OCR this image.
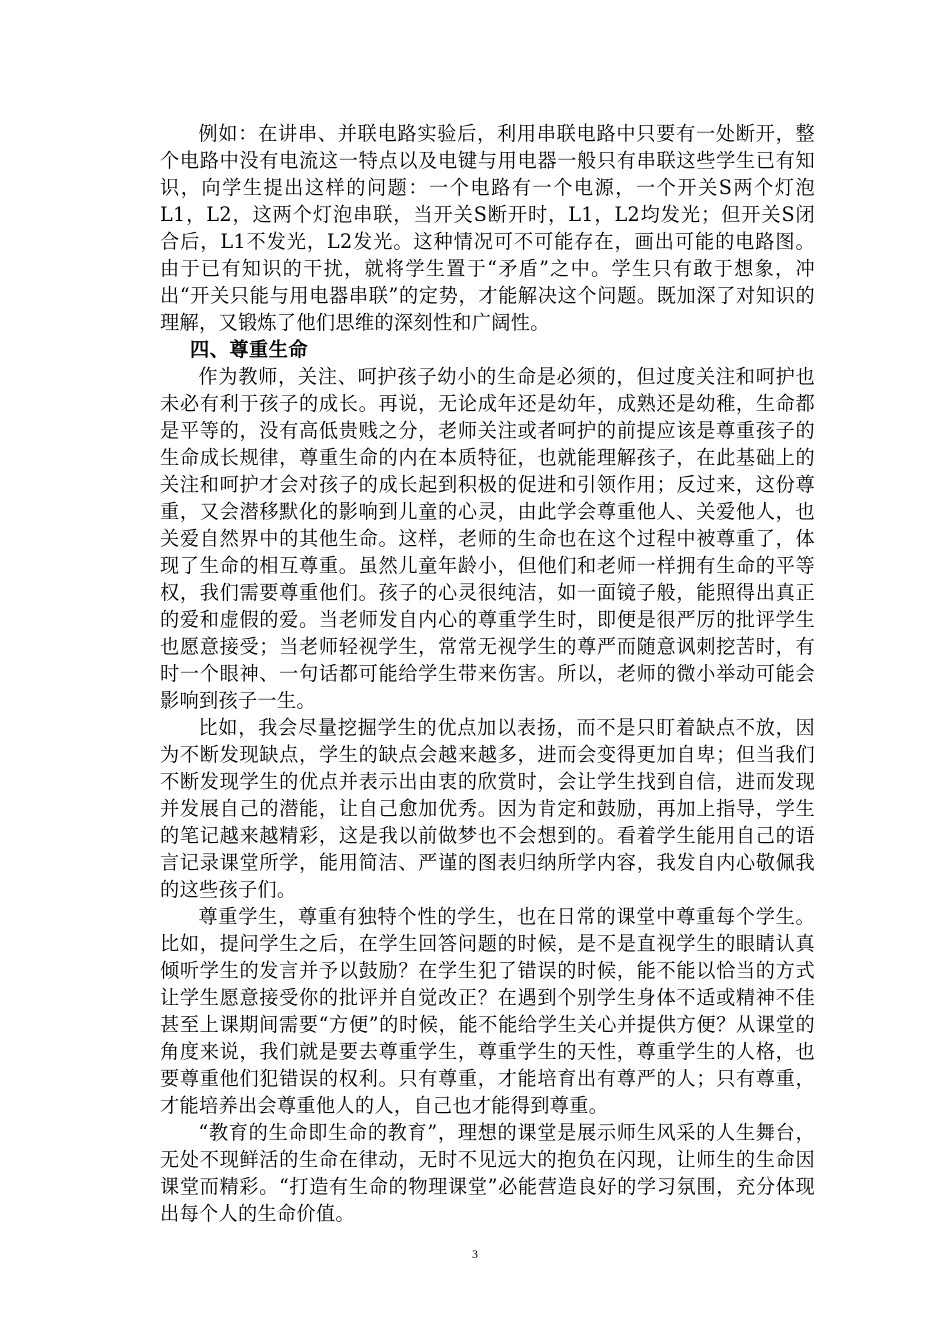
例如：在讲串、并联电路实验后，利用串联电路中只要有一处断开，整个电路中没有电流这一特点以及电键与用电器一般只有串联这些学生已有知识，向学生提出这样的问题：一个电路有一个电源，一个开关S两个灯泡L1，L2，这两个灯泡串联，当开关S断开时，L1，L2均发光；但开关S闭合后，L1不发光，L2发光。这种情况可不可能存在，画出可能的电路图。由于已有知识的干扰，就将学生置于“矛盾”之中。学生只有敢于想象，冲出“开关只能与用电器串联”的定势，才能解决这个问题。既加深了对知识的理解，又锻炼了他们思维的深刻性和广阔性。

四、尊重生命

作为教师，关注、呵护孩子幼小的生命是必须的，但过度关注和呵护也未必有利于孩子的成长。再说，无论成年还是幼年，成熟还是幼稚，生命都是平等的，没有高低贵贱之分，老师关注或者呵护的前提应该是尊重孩子的生命成长规律，尊重生命的内在本质特征，也就能理解孩子，在此基础上的关注和呵护才会对孩子的成长起到积极的促进和引领作用；反过来，这份尊重，又会潜移默化的影响到儿童的心灵，由此学会尊重他人、关爱他人，也关爱自然界中的其他生命。这样，老师的生命也在这个过程中被尊重了，体现了生命的相互尊重。虽然儿童年龄小，但他们和老师一样拥有生命的平等权，我们需要尊重他们。孩子的心灵很纯洁，如一面镜子般，能照得出真正的爱和虚假的爱。当老师发自内心的尊重学生时，即便是很严厉的批评学生也愿意接受；当老师轻视学生，常常无视学生的尊严而随意讽刺挖苦时，有时一个眼神、一句话都可能给学生带来伤害。所以，老师的微小举动可能会影响到孩子一生。

比如，我会尽量挖掘学生的优点加以表扬，而不是只盯着缺点不放，因为不断发现缺点，学生的缺点会越来越多，进而会变得更加自卑；但当我们不断发现学生的优点并表示出由衷的欣赏时，会让学生找到自信，进而发现并发展自己的潜能，让自己愈加优秀。因为肯定和鼓励，再加上指导，学生的笔记越来越精彩，这是我以前做梦也不会想到的。看着学生能用自己的语言记录课堂所学，能用简洁、严谨的图表归纳所学内容，我发自内心敬佩我的这些孩子们。

尊重学生，尊重有独特个性的学生，也在日常的课堂中尊重每个学生。比如，提问学生之后，在学生回答问题的时候，是不是直视学生的眼睛认真倾听学生的发言并予以鼓励？在学生犯了错误的时候，能不能以恰当的方式让学生愿意接受你的批评并自觉改正？在遇到个别学生身体不适或精神不佳甚至上课期间需要“方便”的时候，能不能给学生关心并提供方便？从课堂的角度来说，我们就是要去尊重学生，尊重学生的天性，尊重学生的人格，也要尊重他们犯错误的权利。只有尊重，才能培育出有尊严的人；只有尊重，才能培养出会尊重他人的人，自己也才能得到尊重。

“教育的生命即生命的教育”，理想的课堂是展示师生风采的人生舞台，无处不现鲜活的生命在律动，无时不见远大的抱负在闪现，让师生的生命因课堂而精彩。“打造有生命的物理课堂”必能营造良好的学习氛围，充分体现出每个人的生命价值。

3
